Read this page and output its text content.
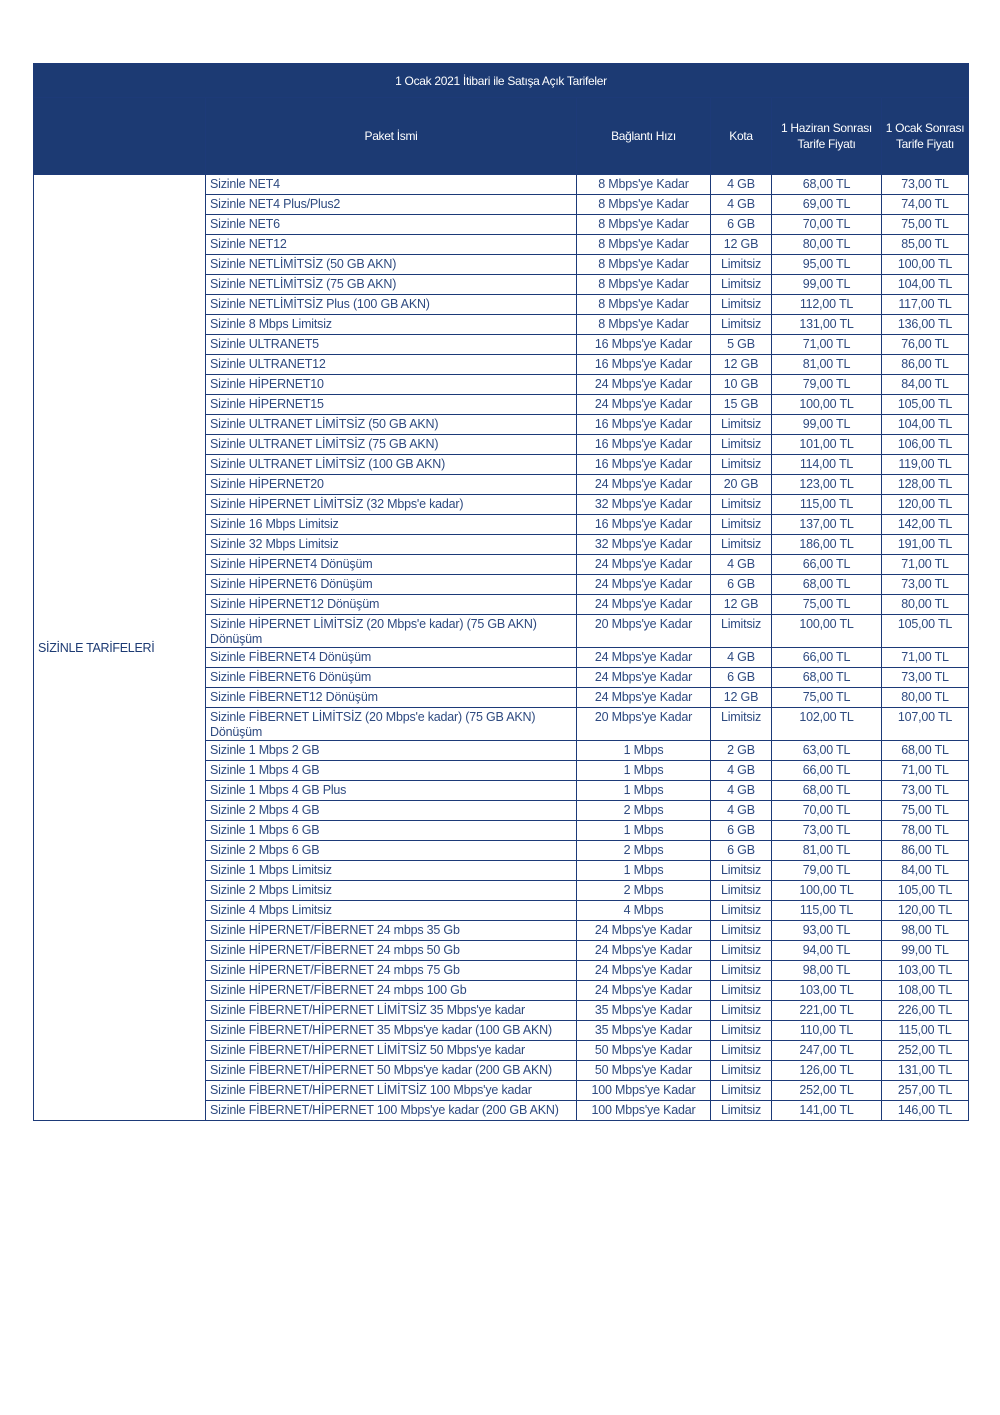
1 Ocak 2021 İtibari ile Satışa Açık Tarifeler					
	Paket İsmi	Bağlantı Hızı	Kota	1 Haziran Sonrası Tarife Fiyatı	1 Ocak Sonrası Tarife Fiyatı
SİZİNLE TARİFELERİ	Sizinle NET4	8 Mbps'ye Kadar	4 GB	68,00 TL	73,00 TL
	Sizinle NET4 Plus/Plus2	8 Mbps'ye Kadar	4 GB	69,00 TL	74,00 TL
	Sizinle NET6	8 Mbps'ye Kadar	6 GB	70,00 TL	75,00 TL
	Sizinle NET12	8 Mbps'ye Kadar	12 GB	80,00 TL	85,00 TL
	Sizinle NETLİMİTSİZ (50 GB AKN)	8 Mbps'ye Kadar	Limitsiz	95,00 TL	100,00 TL
	Sizinle NETLİMİTSİZ (75 GB AKN)	8 Mbps'ye Kadar	Limitsiz	99,00 TL	104,00 TL
	Sizinle NETLİMİTSİZ Plus (100 GB AKN)	8 Mbps'ye Kadar	Limitsiz	112,00 TL	117,00 TL
	Sizinle 8 Mbps Limitsiz	8 Mbps'ye Kadar	Limitsiz	131,00 TL	136,00 TL
	Sizinle ULTRANET5	16 Mbps'ye Kadar	5 GB	71,00 TL	76,00 TL
	Sizinle ULTRANET12	16 Mbps'ye Kadar	12 GB	81,00 TL	86,00 TL
	Sizinle HİPERNET10	24 Mbps'ye Kadar	10 GB	79,00 TL	84,00 TL
	Sizinle HİPERNET15	24 Mbps'ye Kadar	15 GB	100,00 TL	105,00 TL
	Sizinle ULTRANET LİMİTSİZ (50 GB AKN)	16 Mbps'ye Kadar	Limitsiz	99,00 TL	104,00 TL
	Sizinle ULTRANET LİMİTSİZ (75 GB AKN)	16 Mbps'ye Kadar	Limitsiz	101,00 TL	106,00 TL
	Sizinle ULTRANET LİMİTSİZ (100 GB AKN)	16 Mbps'ye Kadar	Limitsiz	114,00 TL	119,00 TL
	Sizinle HİPERNET20	24 Mbps'ye Kadar	20 GB	123,00 TL	128,00 TL
	Sizinle HİPERNET LİMİTSİZ (32 Mbps'e kadar)	32 Mbps'ye Kadar	Limitsiz	115,00 TL	120,00 TL
	Sizinle 16 Mbps Limitsiz	16 Mbps'ye Kadar	Limitsiz	137,00 TL	142,00 TL
	Sizinle 32 Mbps Limitsiz	32 Mbps'ye Kadar	Limitsiz	186,00 TL	191,00 TL
	Sizinle HİPERNET4 Dönüşüm	24 Mbps'ye Kadar	4 GB	66,00 TL	71,00 TL
	Sizinle HİPERNET6 Dönüşüm	24 Mbps'ye Kadar	6 GB	68,00 TL	73,00 TL
	Sizinle HİPERNET12 Dönüşüm	24 Mbps'ye Kadar	12 GB	75,00 TL	80,00 TL
	Sizinle HİPERNET LİMİTSİZ (20 Mbps'e kadar) (75 GB AKN) Dönüşüm	20 Mbps'ye Kadar	Limitsiz	100,00 TL	105,00 TL
	Sizinle FİBERNET4 Dönüşüm	24 Mbps'ye Kadar	4 GB	66,00 TL	71,00 TL
	Sizinle FİBERNET6 Dönüşüm	24 Mbps'ye Kadar	6 GB	68,00 TL	73,00 TL
	Sizinle FİBERNET12 Dönüşüm	24 Mbps'ye Kadar	12 GB	75,00 TL	80,00 TL
	Sizinle FİBERNET LİMİTSİZ (20 Mbps'e kadar) (75 GB AKN) Dönüşüm	20 Mbps'ye Kadar	Limitsiz	102,00 TL	107,00 TL
	Sizinle 1 Mbps 2 GB	1 Mbps	2 GB	63,00 TL	68,00 TL
	Sizinle 1 Mbps 4 GB	1 Mbps	4 GB	66,00 TL	71,00 TL
	Sizinle 1 Mbps 4 GB Plus	1 Mbps	4 GB	68,00 TL	73,00 TL
	Sizinle 2 Mbps 4 GB	2 Mbps	4 GB	70,00 TL	75,00 TL
	Sizinle 1 Mbps 6 GB	1 Mbps	6 GB	73,00 TL	78,00 TL
	Sizinle 2 Mbps 6 GB	2 Mbps	6 GB	81,00 TL	86,00 TL
	Sizinle 1 Mbps Limitsiz	1 Mbps	Limitsiz	79,00 TL	84,00 TL
	Sizinle 2 Mbps Limitsiz	2 Mbps	Limitsiz	100,00 TL	105,00 TL
	Sizinle 4 Mbps Limitsiz	4 Mbps	Limitsiz	115,00 TL	120,00 TL
	Sizinle HİPERNET/FİBERNET 24 mbps 35 Gb	24 Mbps'ye Kadar	Limitsiz	93,00 TL	98,00 TL
	Sizinle HİPERNET/FİBERNET 24 mbps 50 Gb	24 Mbps'ye Kadar	Limitsiz	94,00 TL	99,00 TL
	Sizinle HİPERNET/FİBERNET 24 mbps 75 Gb	24 Mbps'ye Kadar	Limitsiz	98,00 TL	103,00 TL
	Sizinle HİPERNET/FİBERNET 24 mbps 100 Gb	24 Mbps'ye Kadar	Limitsiz	103,00 TL	108,00 TL
	Sizinle FİBERNET/HİPERNET LİMİTSİZ 35 Mbps'ye kadar	35 Mbps'ye Kadar	Limitsiz	221,00 TL	226,00 TL
	Sizinle FİBERNET/HİPERNET 35 Mbps'ye kadar (100 GB AKN)	35 Mbps'ye Kadar	Limitsiz	110,00 TL	115,00 TL
	Sizinle FİBERNET/HİPERNET LİMİTSİZ 50 Mbps'ye kadar	50 Mbps'ye Kadar	Limitsiz	247,00 TL	252,00 TL
	Sizinle FİBERNET/HİPERNET 50 Mbps'ye kadar (200 GB AKN)	50 Mbps'ye Kadar	Limitsiz	126,00 TL	131,00 TL
	Sizinle FİBERNET/HİPERNET LİMİTSİZ 100 Mbps'ye kadar	100 Mbps'ye Kadar	Limitsiz	252,00 TL	257,00 TL
	Sizinle FİBERNET/HİPERNET 100 Mbps'ye kadar (200 GB AKN)	100 Mbps'ye Kadar	Limitsiz	141,00 TL	146,00 TL
